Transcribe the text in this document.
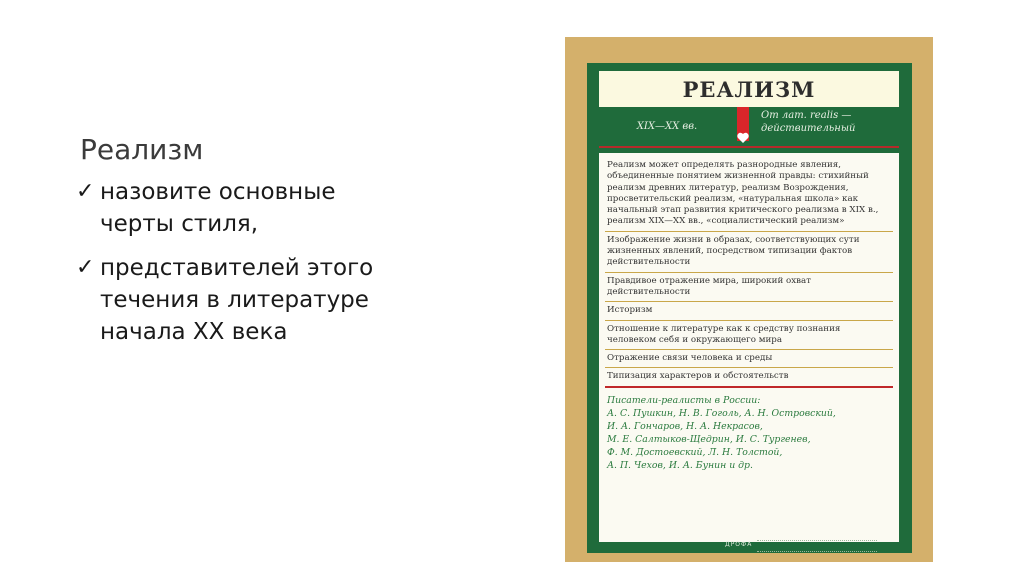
Реализм
✓ назовите основные черты стиля,
✓ представителей этого течения в литературе начала XX века
РЕАЛИЗМ
XIX—XX вв.
От лат. realis — действительный
Реализм может определять разнородные явления, объединенные понятием жизненной правды: стихийный реализм древних литератур, реализм Возрождения, просветительский реализм, «натуральная школа» как начальный этап развития критического реализма в XIX в., реализм XIX—XX вв., «социалистический реализм»
Изображение жизни в образах, соответствующих сути жизненных явлений, посредством типизации фактов действительности
Правдивое отражение мира, широкий охват действительности
Историзм
Отношение к литературе как к средству познания человеком себя и окружающего мира
Отражение связи человека и среды
Типизация характеров и обстоятельств
Писатели-реалисты в России:
А. С. Пушкин, Н. В. Гоголь, А. Н. Островский,
И. А. Гончаров, Н. А. Некрасов,
М. Е. Салтыков-Щедрин, И. С. Тургенев,
Ф. М. Достоевский, Л. Н. Толстой,
А. П. Чехов, И. А. Бунин и др.
ДРОФА
